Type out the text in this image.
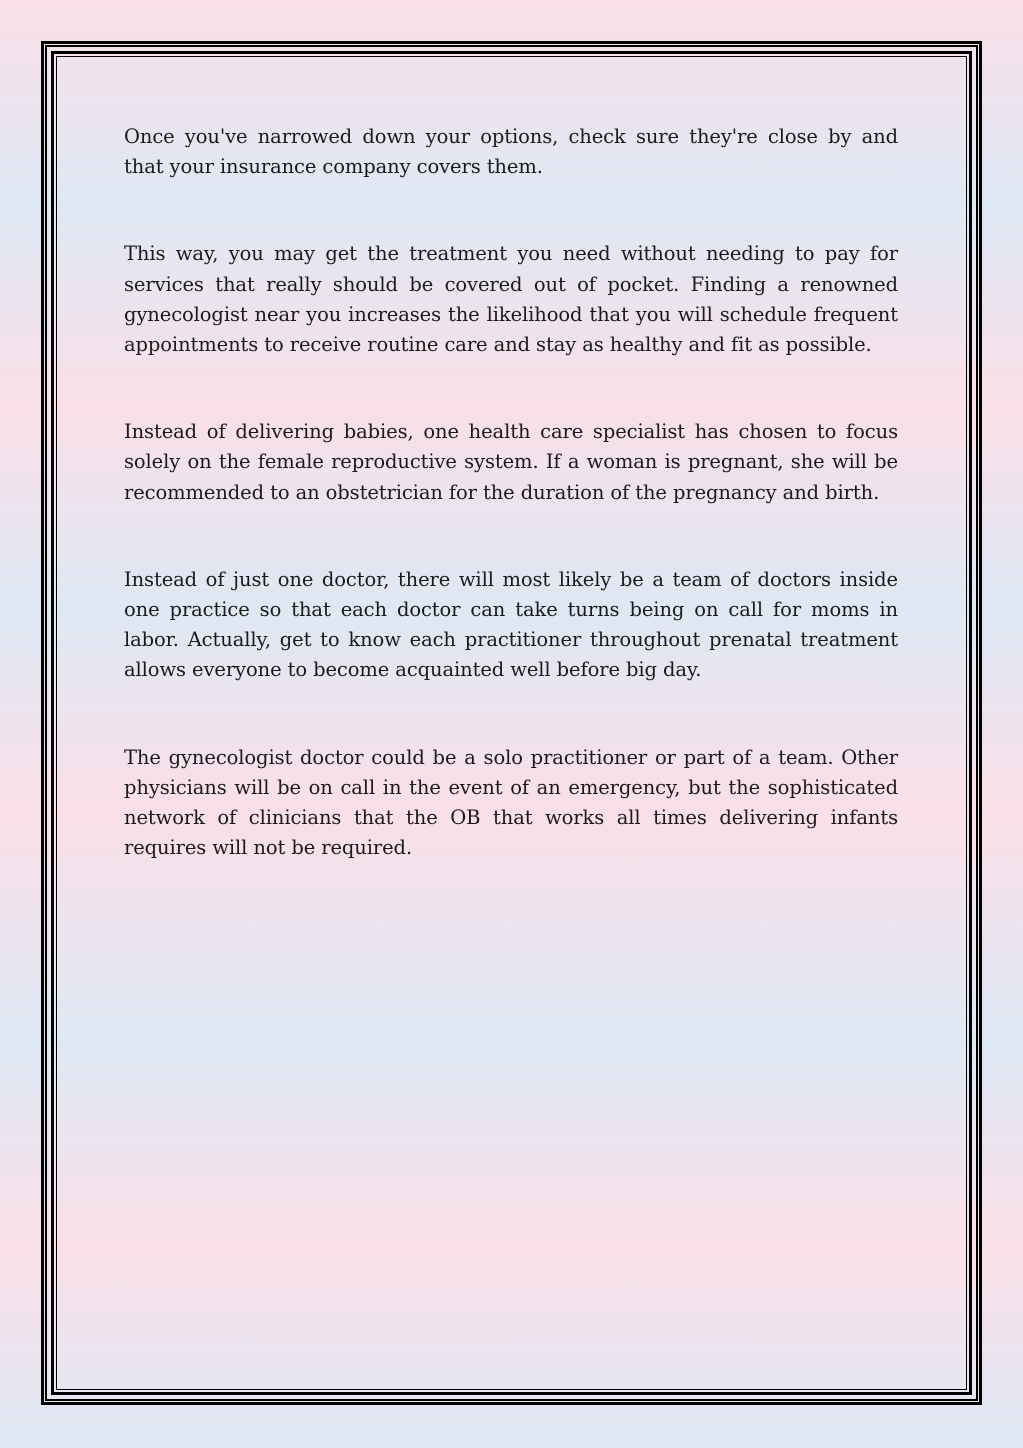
Once you've narrowed down your options, check sure they're close by and that your insurance company covers them.

This way, you may get the treatment you need without needing to pay for services that really should be covered out of pocket. Finding a renowned gynecologist near you increases the likelihood that you will schedule frequent appointments to receive routine care and stay as healthy and fit as possible.

Instead of delivering babies, one health care specialist has chosen to focus solely on the female reproductive system. If a woman is pregnant, she will be recommended to an obstetrician for the duration of the pregnancy and birth.

Instead of just one doctor, there will most likely be a team of doctors inside one practice so that each doctor can take turns being on call for moms in labor. Actually, get to know each practitioner throughout prenatal treatment allows everyone to become acquainted well before big day.

The gynecologist doctor could be a solo practitioner or part of a team. Other physicians will be on call in the event of an emergency, but the sophisticated network of clinicians that the OB that works all times delivering infants requires will not be required.
